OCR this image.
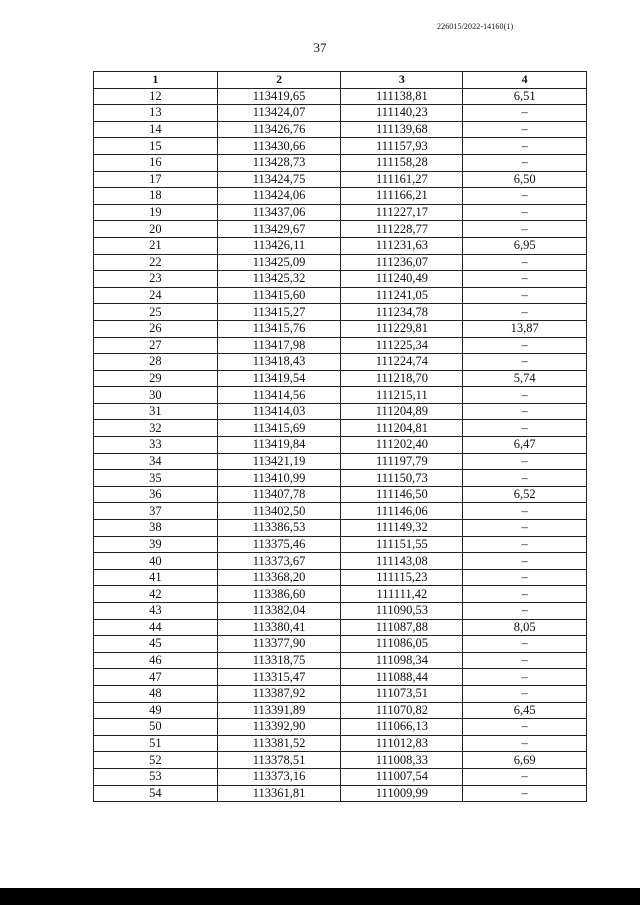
226015/2022-14160(1)
37
1	2	3	4
12	113419,65	111138,81	6,51
13	113424,07	111140,23	–
14	113426,76	111139,68	–
15	113430,66	111157,93	–
16	113428,73	111158,28	–
17	113424,75	111161,27	6,50
18	113424,06	111166,21	–
19	113437,06	111227,17	–
20	113429,67	111228,77	–
21	113426,11	111231,63	6,95
22	113425,09	111236,07	–
23	113425,32	111240,49	–
24	113415,60	111241,05	–
25	113415,27	111234,78	–
26	113415,76	111229,81	13,87
27	113417,98	111225,34	–
28	113418,43	111224,74	–
29	113419,54	111218,70	5,74
30	113414,56	111215,11	–
31	113414,03	111204,89	–
32	113415,69	111204,81	–
33	113419,84	111202,40	6,47
34	113421,19	111197,79	–
35	113410,99	111150,73	–
36	113407,78	111146,50	6,52
37	113402,50	111146,06	–
38	113386,53	111149,32	–
39	113375,46	111151,55	–
40	113373,67	111143,08	–
41	113368,20	111115,23	–
42	113386,60	111111,42	–
43	113382,04	111090,53	–
44	113380,41	111087,88	8,05
45	113377,90	111086,05	–
46	113318,75	111098,34	–
47	113315,47	111088,44	–
48	113387,92	111073,51	–
49	113391,89	111070,82	6,45
50	113392,90	111066,13	–
51	113381,52	111012,83	–
52	113378,51	111008,33	6,69
53	113373,16	111007,54	–
54	113361,81	111009,99	–
